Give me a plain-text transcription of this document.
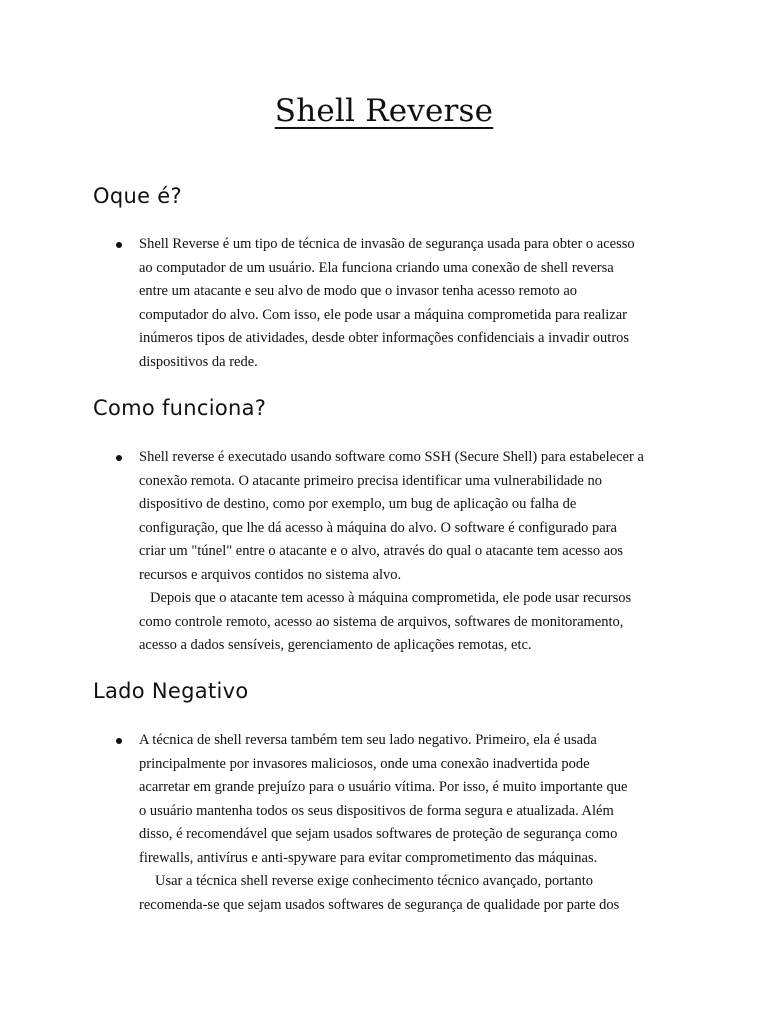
Shell Reverse
Oque é?
Shell Reverse é um tipo de técnica de invasão de segurança usada para obter o acesso
ao computador de um usuário. Ela funciona criando uma conexão de shell reversa
entre um atacante e seu alvo de modo que o invasor tenha acesso remoto ao
computador do alvo. Com isso, ele pode usar a máquina comprometida para realizar
inúmeros tipos de atividades, desde obter informações confidenciais a invadir outros
dispositivos da rede.
Como funciona?
Shell reverse é executado usando software como SSH (Secure Shell) para estabelecer a
conexão remota. O atacante primeiro precisa identificar uma vulnerabilidade no
dispositivo de destino, como por exemplo, um bug de aplicação ou falha de
configuração, que lhe dá acesso à máquina do alvo. O software é configurado para
criar um "túnel" entre o atacante e o alvo, através do qual o atacante tem acesso aos
recursos e arquivos contidos no sistema alvo.
Depois que o atacante tem acesso à máquina comprometida, ele pode usar recursos
como controle remoto, acesso ao sistema de arquivos, softwares de monitoramento,
acesso a dados sensíveis, gerenciamento de aplicações remotas, etc.
Lado Negativo
A técnica de shell reversa também tem seu lado negativo. Primeiro, ela é usada
principalmente por invasores maliciosos, onde uma conexão inadvertida pode
acarretar em grande prejuízo para o usuário vítima. Por isso, é muito importante que
o usuário mantenha todos os seus dispositivos de forma segura e atualizada. Além
disso, é recomendável que sejam usados softwares de proteção de segurança como
firewalls, antivírus e anti-spyware para evitar comprometimento das máquinas.
Usar a técnica shell reverse exige conhecimento técnico avançado, portanto
recomenda-se que sejam usados softwares de segurança de qualidade por parte dos
